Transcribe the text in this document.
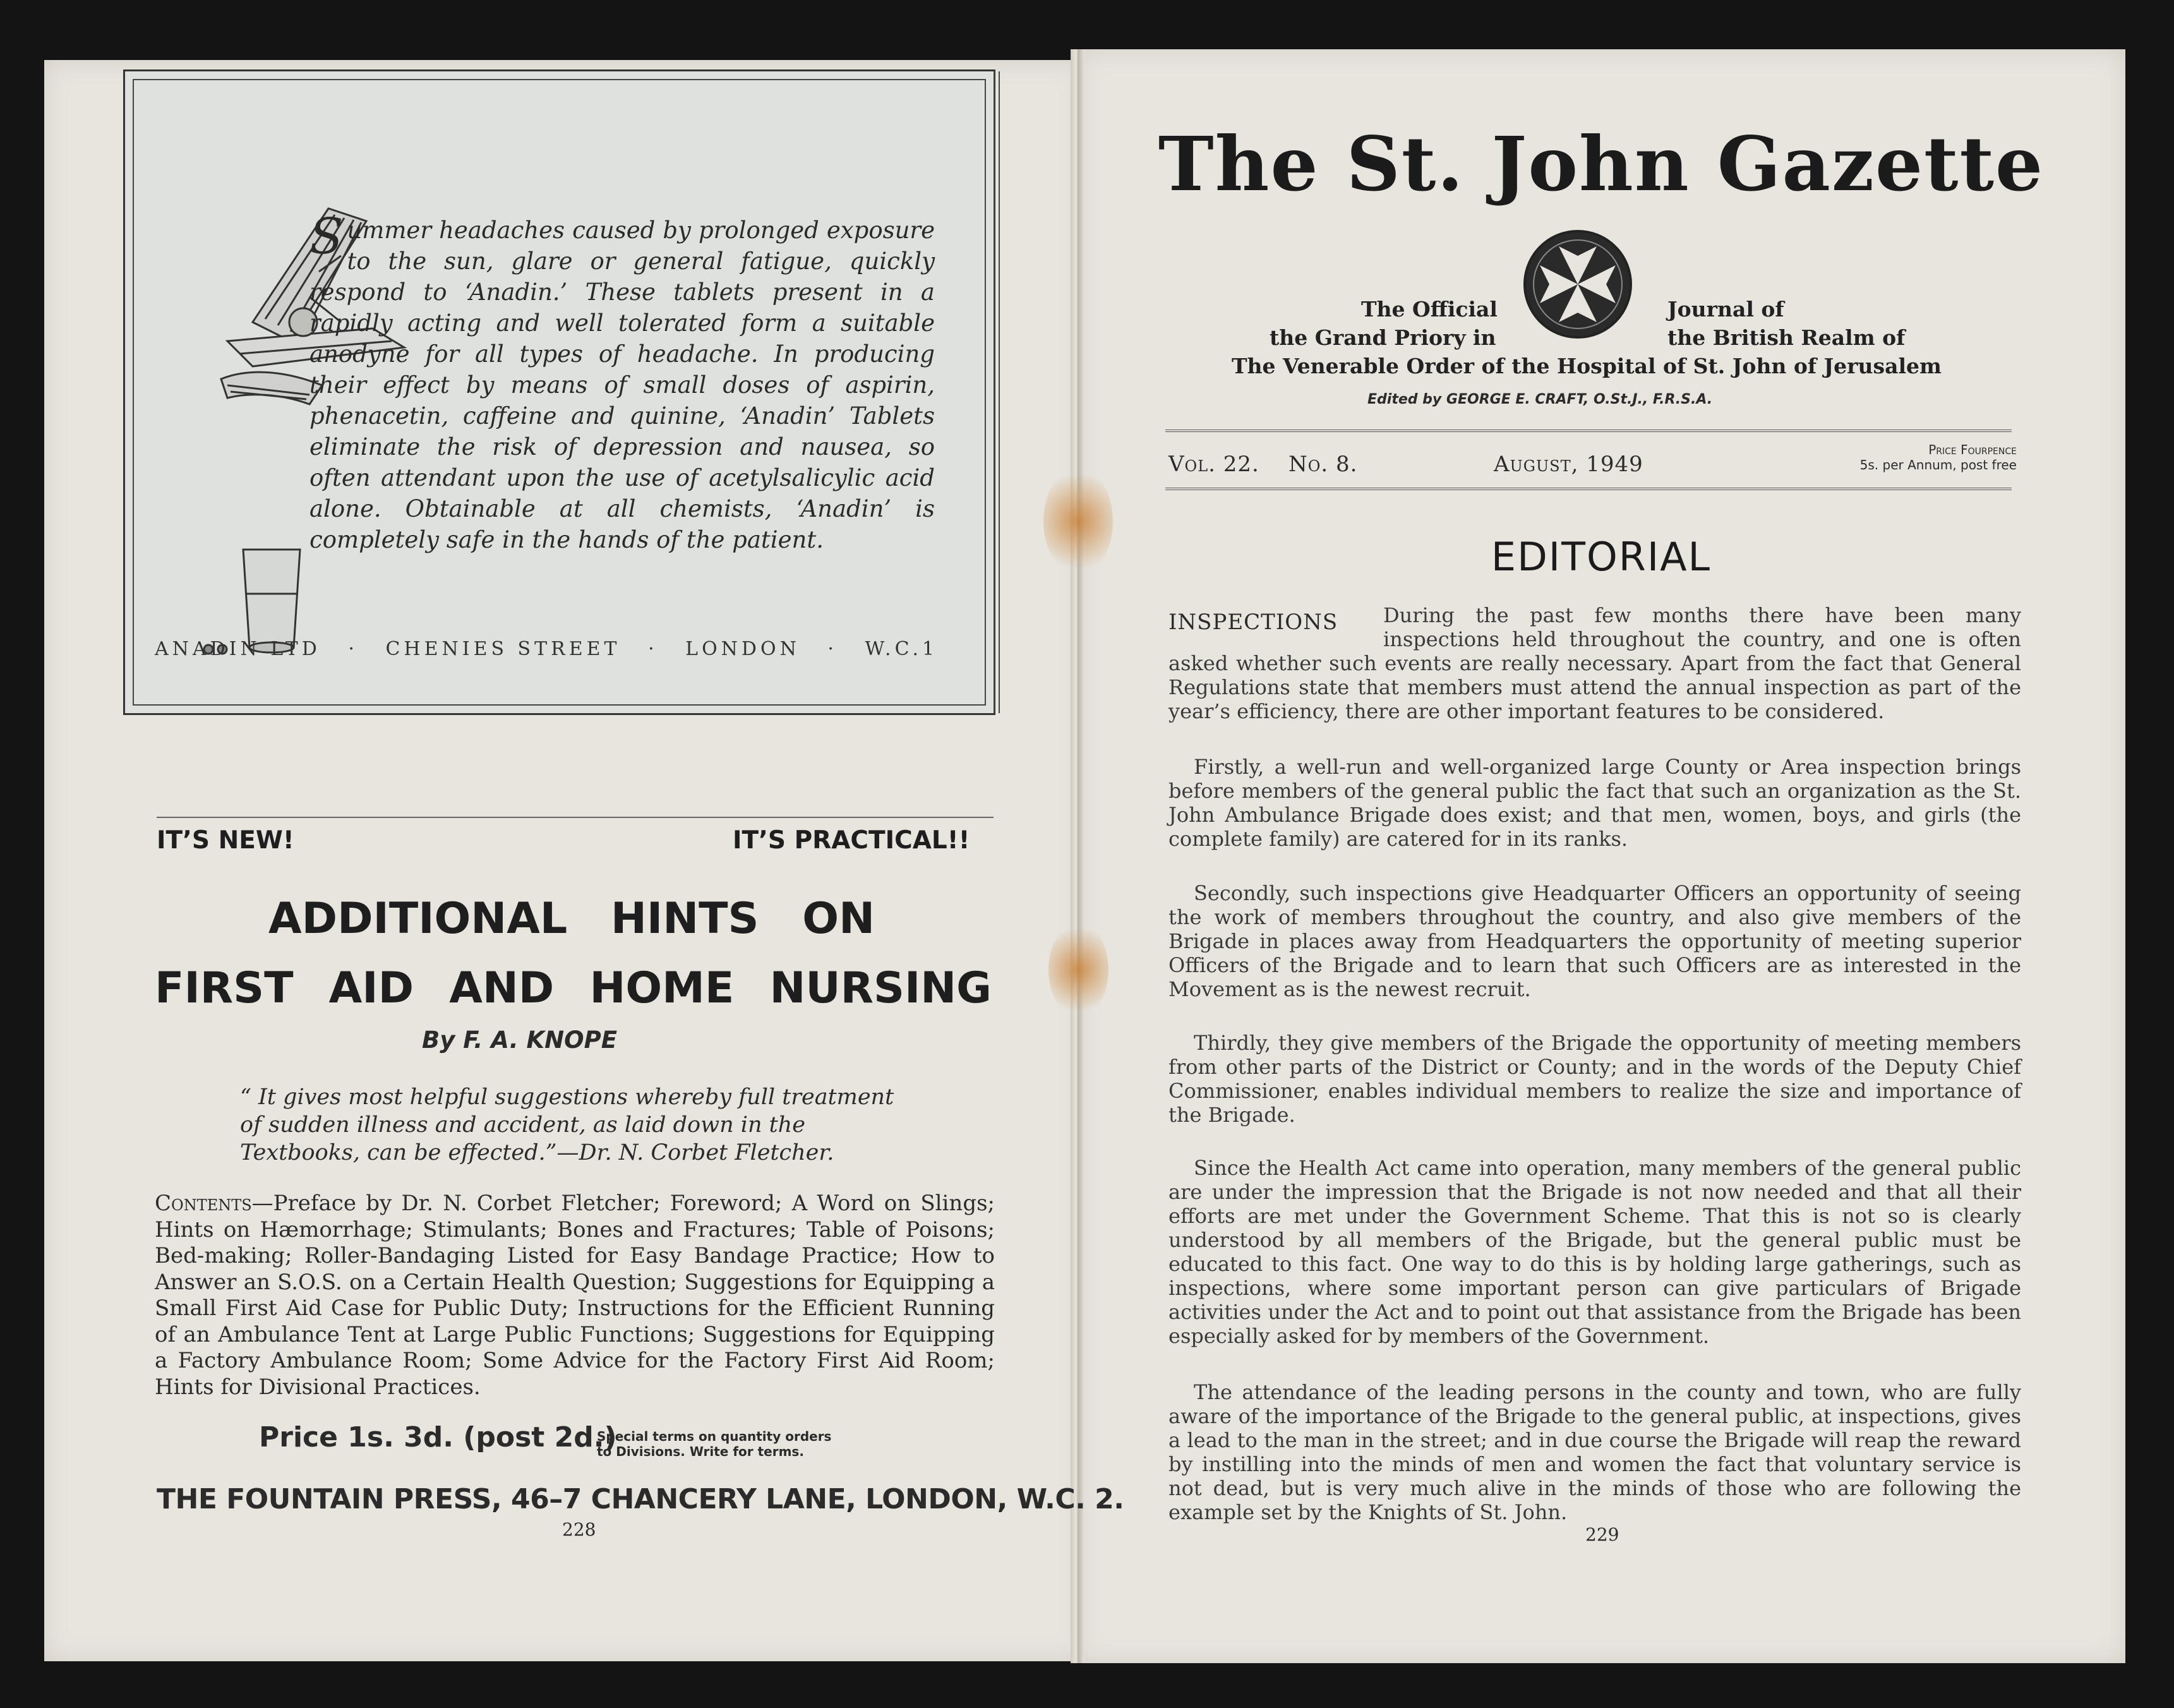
Summer headaches caused by prolonged exposure to the sun, glare or general fatigue, quickly respond to ‘Anadin.’ These tablets present in a rapidly acting and well tolerated form a suitable anodyne for all types of headache. In producing their effect by means of small doses of aspirin, phenacetin, caffeine and quinine, ‘Anadin’ Tablets eliminate the risk of depression and nausea, so often attendant upon the use of acetylsalicylic acid alone. Obtainable at all chemists, ‘Anadin’ is completely safe in the hands of the patient.
ANADIN LTD · CHENIES STREET · LONDON · W.C.1
IT’S NEW!	IT’S PRACTICAL!!
ADDITIONAL HINTS ON
FIRST AID AND HOME NURSING
By F. A. KNOPE
“ It gives most helpful suggestions whereby full treatment of sudden illness and accident, as laid down in the Textbooks, can be effected.”—Dr. N. Corbet Fletcher.
Contents—Preface by Dr. N. Corbet Fletcher; Foreword; A Word on Slings; Hints on Hæmorrhage; Stimulants; Bones and Fractures; Table of Poisons; Bed-making; Roller-Bandaging Listed for Easy Bandage Practice; How to Answer an S.O.S. on a Certain Health Question; Suggestions for Equipping a Small First Aid Case for Public Duty; Instructions for the Efficient Running of an Ambulance Tent at Large Public Functions; Suggestions for Equipping a Factory Ambulance Room; Some Advice for the Factory First Aid Room; Hints for Divisional Practices.
Price 1s. 3d. (post 2d.)
Special terms on quantity orders
to Divisions. Write for terms.
THE FOUNTAIN PRESS, 46–7 CHANCERY LANE, LONDON, W.C. 2.
228
The St. John Gazette
The Official
the Grand Priory in
Journal of
the British Realm of
The Venerable Order of the Hospital of St. John of Jerusalem
Edited by GEORGE E. CRAFT, O.St.J., F.R.S.A.
Vol. 22. No. 8.	August, 1949
Price Fourpence
5s. per Annum, post free
EDITORIAL
INSPECTIONS	During the past few months there have been many inspections held throughout the country, and one is often asked whether such events are really necessary. Apart from the fact that General Regulations state that members must attend the annual inspection as part of the year’s efficiency, there are other important features to be considered.
Firstly, a well-run and well-organized large County or Area inspection brings before members of the general public the fact that such an organization as the St. John Ambulance Brigade does exist; and that men, women, boys, and girls (the complete family) are catered for in its ranks.
Secondly, such inspections give Headquarter Officers an opportunity of seeing the work of members throughout the country, and also give members of the Brigade in places away from Headquarters the opportunity of meeting superior Officers of the Brigade and to learn that such Officers are as interested in the Movement as is the newest recruit.
Thirdly, they give members of the Brigade the opportunity of meeting members from other parts of the District or County; and in the words of the Deputy Chief Commissioner, enables individual members to realize the size and importance of the Brigade.
Since the Health Act came into operation, many members of the general public are under the impression that the Brigade is not now needed and that all their efforts are met under the Government Scheme. That this is not so is clearly understood by all members of the Brigade, but the general public must be educated to this fact. One way to do this is by holding large gatherings, such as inspections, where some important person can give particulars of Brigade activities under the Act and to point out that assistance from the Brigade has been especially asked for by members of the Government.
The attendance of the leading persons in the county and town, who are fully aware of the importance of the Brigade to the general public, at inspections, gives a lead to the man in the street; and in due course the Brigade will reap the reward by instilling into the minds of men and women the fact that voluntary service is not dead, but is very much alive in the minds of those who are following the example set by the Knights of St. John.
229
